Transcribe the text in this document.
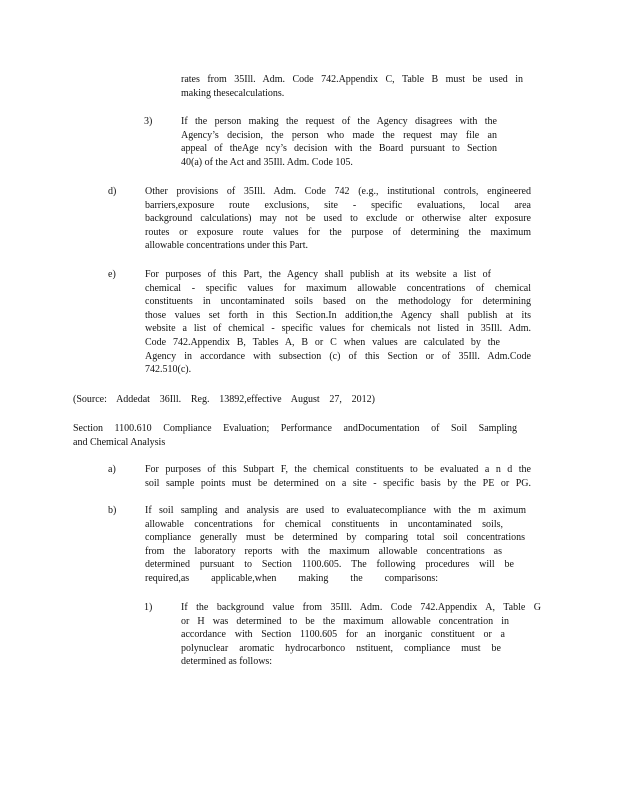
rates from 35Ill. Adm. Code 742.Appendix C, Table B must be used in
making thesecalculations.
3)	If the person making the request of the Agency disagrees with the
Agency’s decision, the person who made the request may file an
appeal of theAge ncy’s decision with the Board pursuant to Section
40(a) of the Act and 35Ill. Adm. Code 105.
d)	Other provisions of 35Ill. Adm. Code 742 (e.g., institutional controls, engineered
barriers,exposure route exclusions, site - specific evaluations, local area
background calculations) may not be used to exclude or otherwise alter exposure
routes or exposure route values for the purpose of determining the maximum
allowable concentrations under this Part.
e)	For purposes of this Part, the Agency shall publish at its website a list of
chemical - specific values for maximum allowable concentrations of chemical
constituents in uncontaminated soils based on the methodology for determining
those values set forth in this Section.In addition,the Agency shall publish at its
website a list of chemical - specific values for chemicals not listed in 35Ill. Adm.
Code 742.Appendix B, Tables A, B or C when values are calculated by the
Agency in accordance with subsection (c) of this Section or of 35Ill. Adm.Code
742.510(c).
(Source: Addedat 36Ill. Reg. 13892,effective August 27, 2012)
Section 1100.610 Compliance Evaluation; Performance andDocumentation of Soil Sampling
and Chemical Analysis
a)	For purposes of this Subpart F, the chemical constituents to be evaluated a n d the
soil sample points must be determined on a site - specific basis by the PE or PG.
b)	If soil sampling and analysis are used to evaluatecompliance with the m aximum
allowable concentrations for chemical constituents in uncontaminated soils,
compliance generally must be determined by comparing total soil concentrations
from the laboratory reports with the maximum allowable concentrations as
determined pursuant to Section 1100.605. The following procedures will be
required,as applicable,when making the comparisons:
1)	If the background value from 35Ill. Adm. Code 742.Appendix A, Table G
or H was determined to be the maximum allowable concentration in
accordance with Section 1100.605 for an inorganic constituent or a
polynuclear aromatic hydrocarbonco nstituent, compliance must be
determined as follows:
